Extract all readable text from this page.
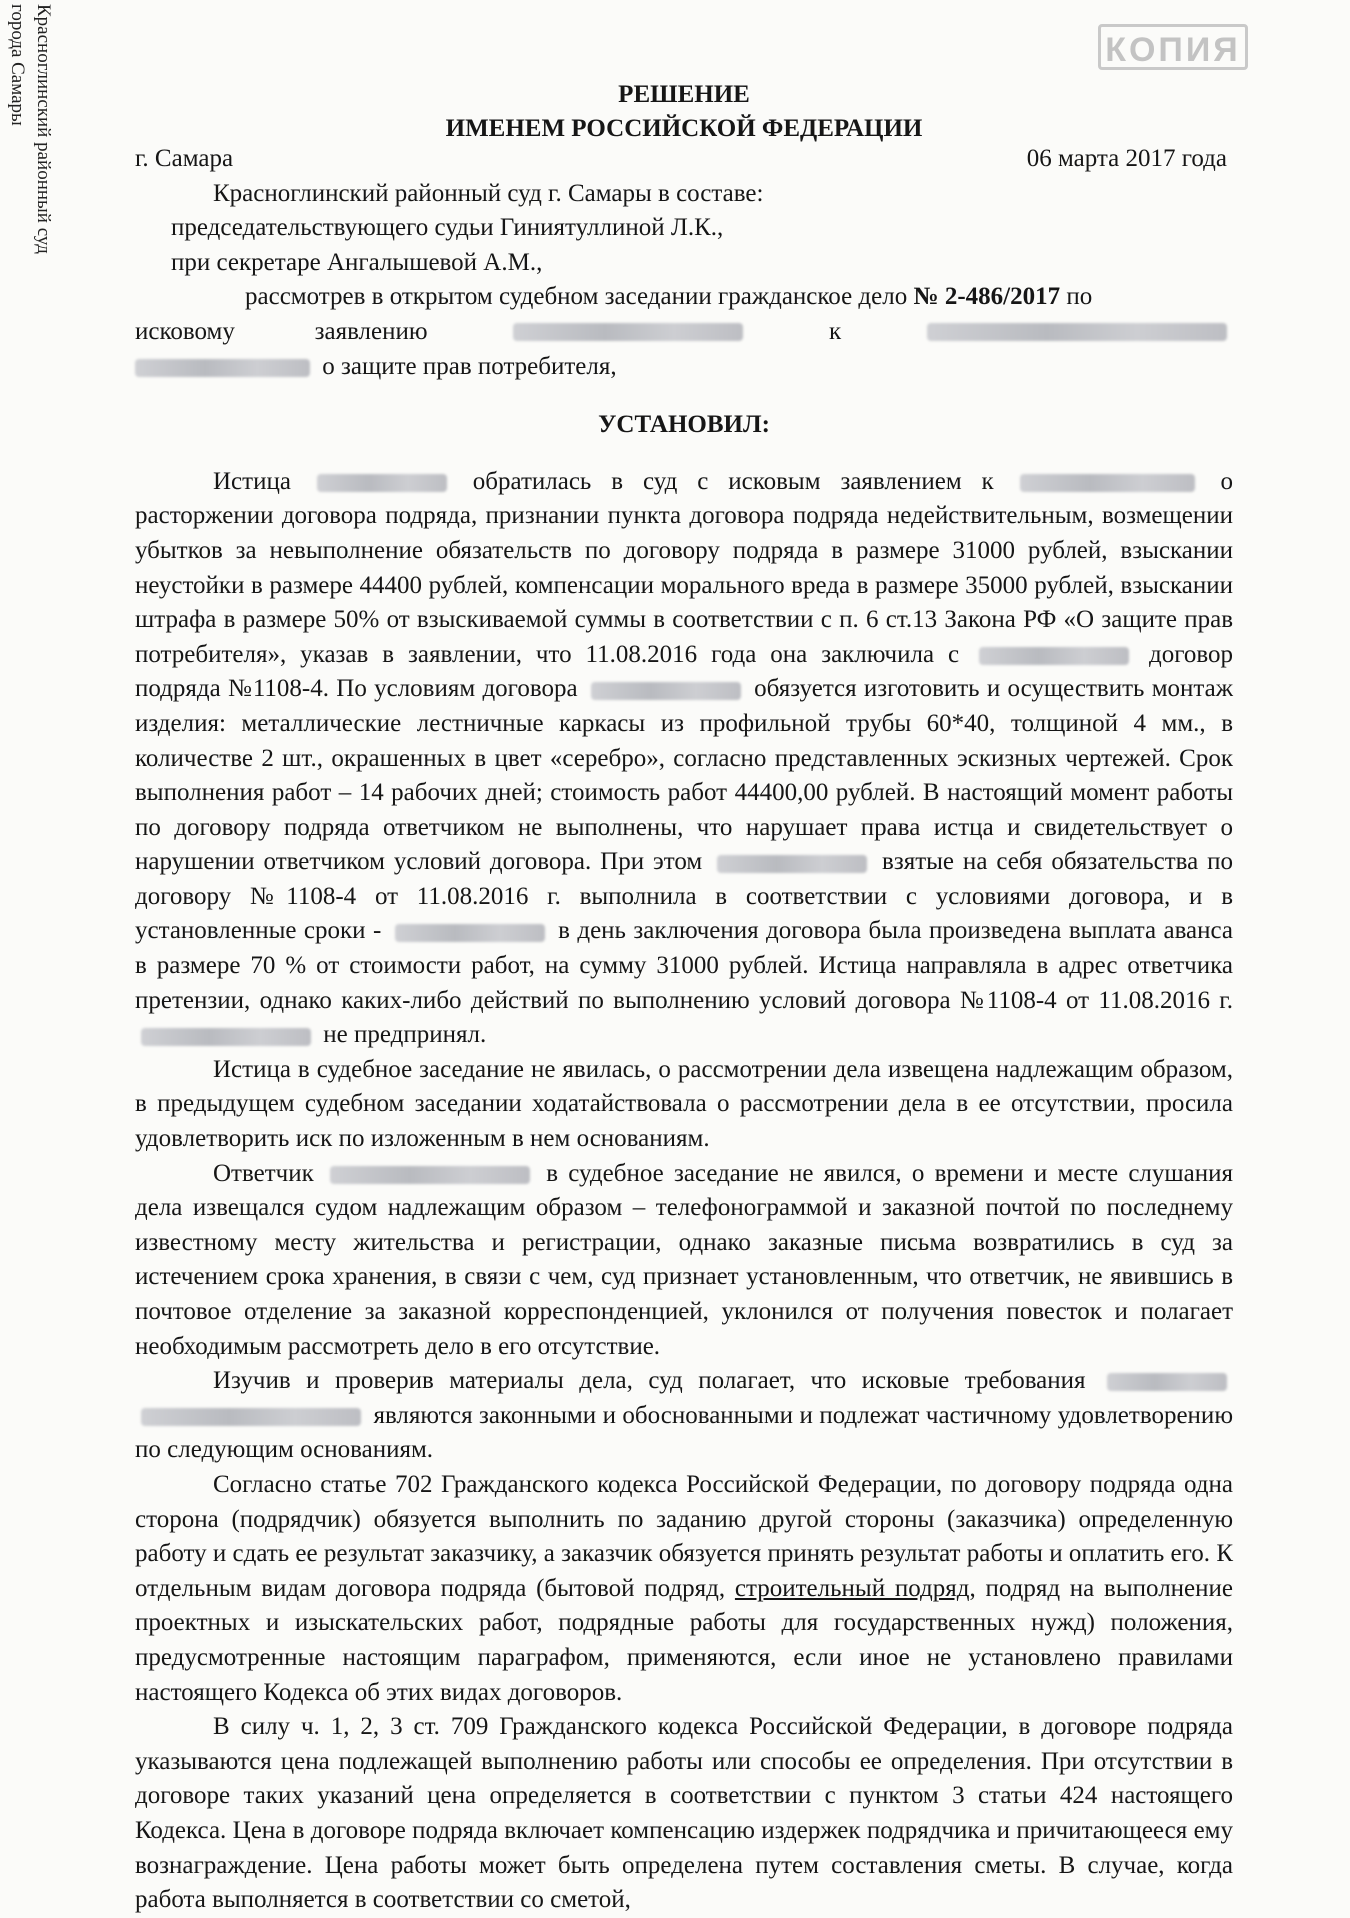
Красноглинский районный суд
города Самары	КОПИЯ
РЕШЕНИЕ
ИМЕНЕМ РОССИЙСКОЙ ФЕДЕРАЦИИ
г. Самара	06 марта 2017 года
Красноглинский районный суд г. Самары в составе:
председательствующего судьи Гиниятуллиной Л.К.,
при секретаре Ангалышевой А.М.,
рассмотрев в открытом судебном заседании гражданское дело № 2-486/2017 по
исковому	заявлению	к
о защите прав потребителя,
УСТАНОВИЛ:
Истица	обратилась в суд с исковым заявлением к	о расторжении договора подряда, признании пункта договора подряда недействительным, возмещении убытков за невыполнение обязательств по договору подряда в размере 31000 рублей, взыскании неустойки в размере 44400 рублей, компенсации морального вреда в размере 35000 рублей, взыскании штрафа в размере 50% от взыскиваемой суммы в соответствии с п. 6 ст.13 Закона РФ «О защите прав потребителя», указав в заявлении, что 11.08.2016 года она заключила с	договор подряда №1108-4. По условиям договора	обязуется изготовить и осуществить монтаж изделия: металлические лестничные каркасы из профильной трубы 60*40, толщиной 4 мм., в количестве 2 шт., окрашенных в цвет «серебро», согласно представленных эскизных чертежей. Срок выполнения работ – 14 рабочих дней; стоимость работ 44400,00 рублей. В настоящий момент работы по договору подряда ответчиком не выполнены, что нарушает права истца и свидетельствует о нарушении ответчиком условий договора. При этом	взятые на себя обязательства по договору №1108-4 от 11.08.2016 г. выполнила в соответствии с условиями договора, и в установленные сроки -	в день заключения договора была произведена выплата аванса в размере 70 % от стоимости работ, на сумму 31000 рублей. Истица направляла в адрес ответчика претензии, однако каких-либо действий по выполнению условий договора №1108-4 от 11.08.2016 г.  не предпринял.
Истица в судебное заседание не явилась, о рассмотрении дела извещена надлежащим образом, в предыдущем судебном заседании ходатайствовала о рассмотрении дела в ее отсутствии, просила удовлетворить иск по изложенным в нем основаниям.
Ответчик	в судебное заседание не явился, о времени и месте слушания дела извещался судом надлежащим образом – телефонограммой и заказной почтой по последнему известному месту жительства и регистрации, однако заказные письма возвратились в суд за истечением срока хранения, в связи с чем, суд признает установленным, что ответчик, не явившись в почтовое отделение за заказной корреспонденцией, уклонился от получения повесток и полагает необходимым рассмотреть дело в его отсутствие.
Изучив и проверив материалы дела, суд полагает, что исковые требования   являются законными и обоснованными и подлежат частичному удовлетворению по следующим основаниям.
Согласно статье 702 Гражданского кодекса Российской Федерации, по договору подряда одна сторона (подрядчик) обязуется выполнить по заданию другой стороны (заказчика) определенную работу и сдать ее результат заказчику, а заказчик обязуется принять результат работы и оплатить его. К отдельным видам договора подряда (бытовой подряд, строительный подряд, подряд на выполнение проектных и изыскательских работ, подрядные работы для государственных нужд) положения, предусмотренные настоящим параграфом, применяются, если иное не установлено правилами настоящего Кодекса об этих видах договоров.
В силу ч. 1, 2, 3 ст. 709 Гражданского кодекса Российской Федерации, в договоре подряда указываются цена подлежащей выполнению работы или способы ее определения. При отсутствии в договоре таких указаний цена определяется в соответствии с пунктом 3 статьи 424 настоящего Кодекса. Цена в договоре подряда включает компенсацию издержек подрядчика и причитающееся ему вознаграждение. Цена работы может быть определена путем составления сметы. В случае, когда работа выполняется в соответствии со сметой,
